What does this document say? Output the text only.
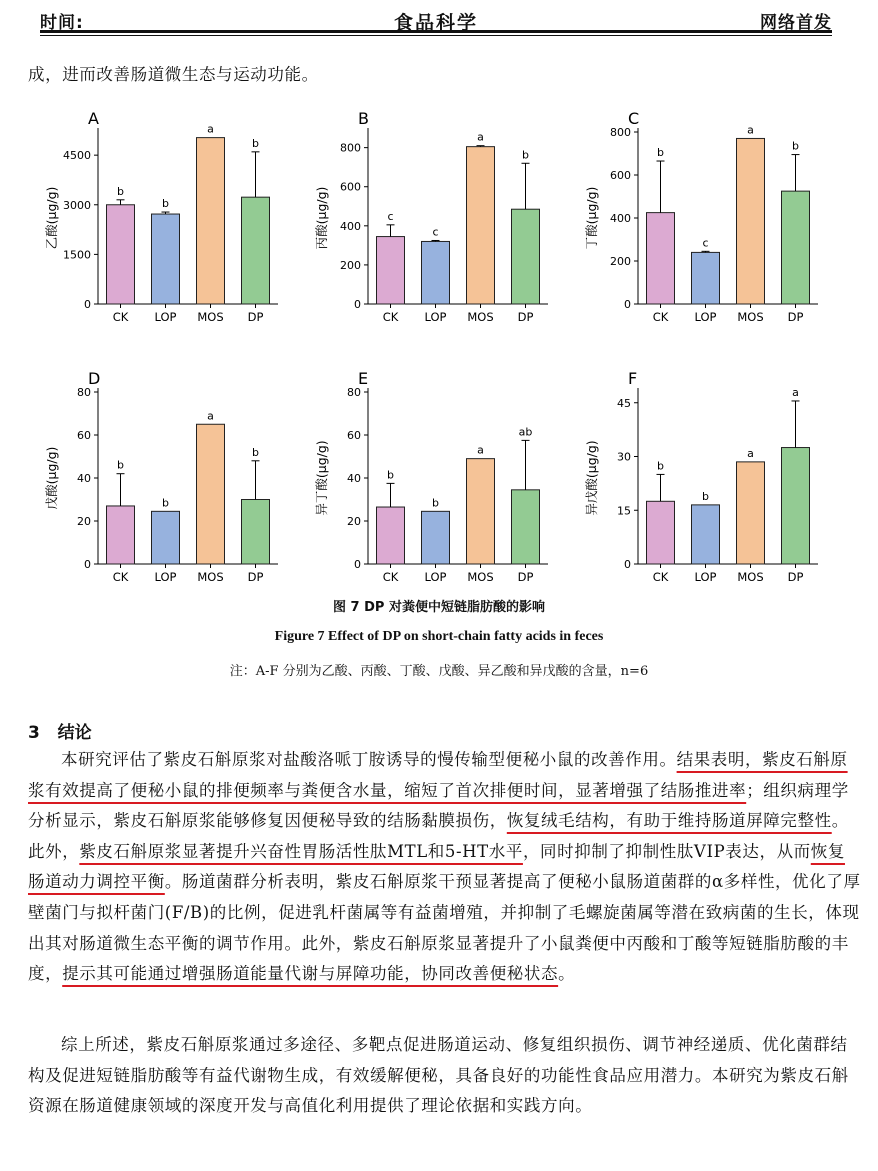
时间:	食品科学	网络首发
成，进而改善肠道微生态与运动功能。
A
乙酸(μg/g)
0
1500
3000
4500
b
CK
b
LOP
a
MOS
b
DP
B
丙酸(μg/g)
0
200
400
600
800
c
CK
c
LOP
a
MOS
b
DP
C
丁酸(μg/g)
0
200
400
600
800
b
CK
c
LOP
a
MOS
b
DP
D
戊酸(μg/g)
0
20
40
60
80
b
CK
b
LOP
a
MOS
b
DP
E
异丁酸(μg/g)
0
20
40
60
80
b
CK
b
LOP
a
MOS
ab
DP
F
异戊酸(μg/g)
0
15
30
45
b
CK
b
LOP
a
MOS
a
DP
图 7 DP 对粪便中短链脂肪酸的影响
Figure 7 Effect of DP on short-chain fatty acids in feces
注：A-F 分别为乙酸、丙酸、丁酸、戊酸、异乙酸和异戊酸的含量，n=6
3 结论
本研究评估了紫皮石斛原浆对盐酸洛哌丁胺诱导的慢传输型便秘小鼠的改善作用。结果表明，紫皮石斛原浆有效提高了便秘小鼠的排便频率与粪便含水量，缩短了首次排便时间，显著增强了结肠推进率；组织病理学分析显示，紫皮石斛原浆能够修复因便秘导致的结肠黏膜损伤，恢复绒毛结构，有助于维持肠道屏障完整性。此外，紫皮石斛原浆显著提升兴奋性胃肠活性肽MTL和5-HT水平，同时抑制了抑制性肽VIP表达，从而恢复肠道动力调控平衡。肠道菌群分析表明，紫皮石斛原浆干预显著提高了便秘小鼠肠道菌群的α多样性，优化了厚壁菌门与拟杆菌门(F/B)的比例，促进乳杆菌属等有益菌增殖，并抑制了毛螺旋菌属等潜在致病菌的生长，体现出其对肠道微生态平衡的调节作用。此外，紫皮石斛原浆显著提升了小鼠粪便中丙酸和丁酸等短链脂肪酸的丰度，提示其可能通过增强肠道能量代谢与屏障功能，协同改善便秘状态。
综上所述，紫皮石斛原浆通过多途径、多靶点促进肠道运动、修复组织损伤、调节神经递质、优化菌群结构及促进短链脂肪酸等有益代谢物生成，有效缓解便秘，具备良好的功能性食品应用潜力。本研究为紫皮石斛资源在肠道健康领域的深度开发与高值化利用提供了理论依据和实践方向。
